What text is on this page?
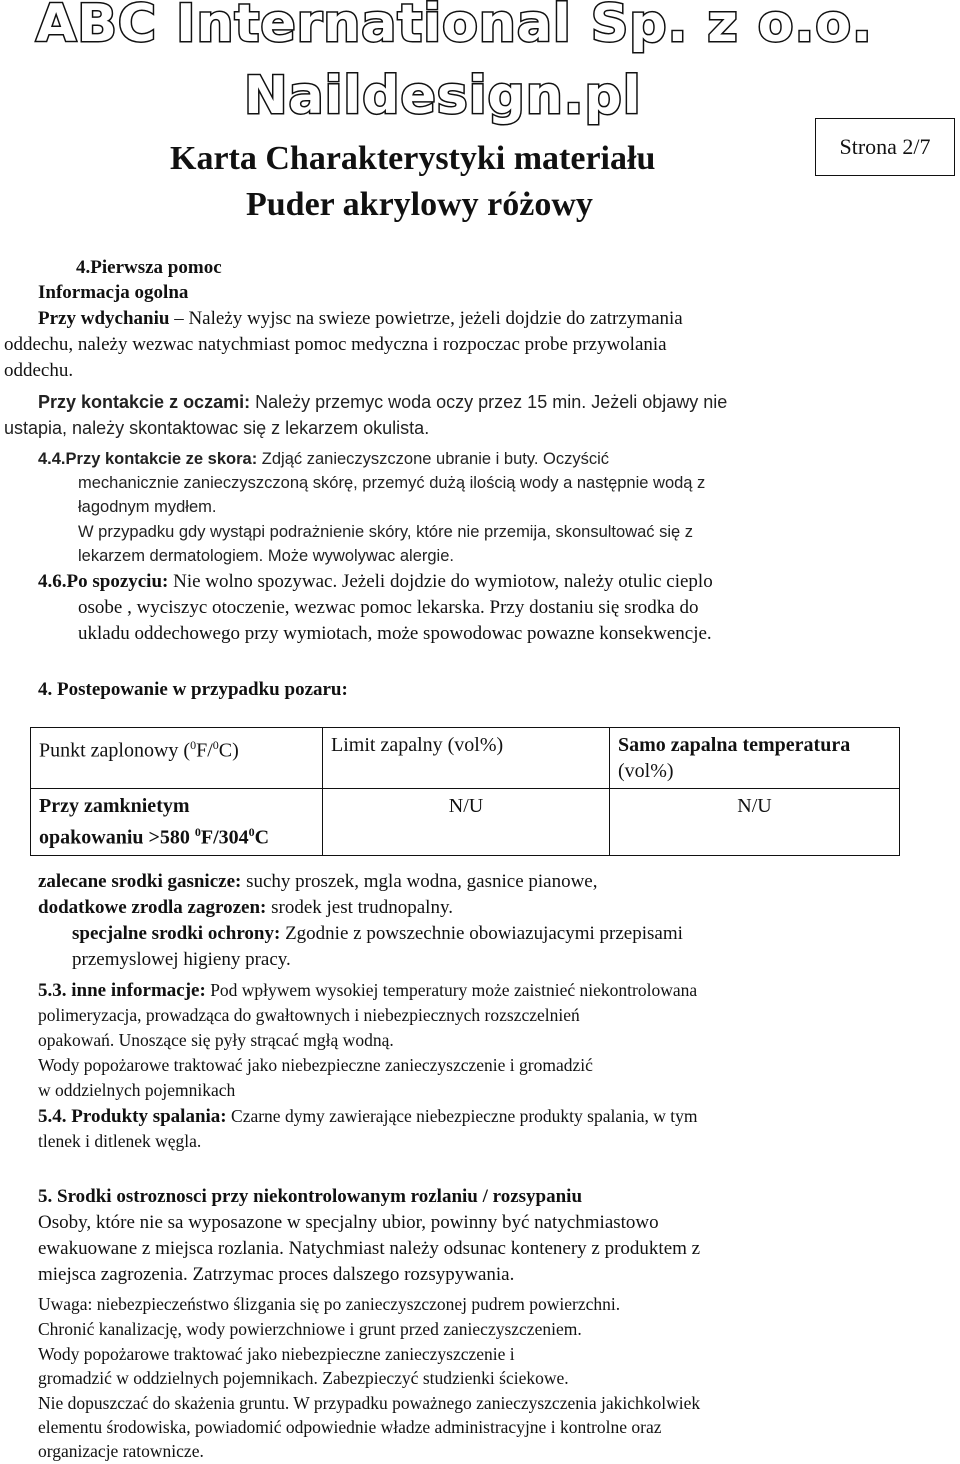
ABC International Sp. z o.o.
Naildesign.pl
Karta Charakterystyki materiału
Puder akrylowy różowy
Strona 2/7
4.Pierwsza pomoc
Informacja ogolna
Przy wdychaniu – Należy wyjsc na swieze powietrze, jeżeli dojdzie do zatrzymania
oddechu, należy wezwac natychmiast pomoc medyczna i rozpoczac probe przywolania
oddechu.
Przy kontakcie z oczami: Należy przemyc woda oczy przez 15 min. Jeżeli objawy nie
ustapia, należy skontaktowac się z lekarzem okulista.
4.4.Przy kontakcie ze skora: Zdjąć zanieczyszczone ubranie i buty. Oczyścić
mechanicznie zanieczyszczoną skórę, przemyć dużą ilością wody a następnie wodą z
łagodnym mydłem.
W przypadku gdy wystąpi podrażnienie skóry, które nie przemija, skonsultować się z
lekarzem dermatologiem. Może wywolywac alergie.
4.6.Po spozyciu: Nie wolno spozywac. Jeżeli dojdzie do wymiotow, należy otulic cieplo
osobe , wyciszyc otoczenie, wezwac pomoc lekarska. Przy dostaniu się srodka do
ukladu oddechowego przy wymiotach, może spowodowac powazne konsekwencje.
4. Postepowanie w przypadku pozaru:
Punkt zaplonowy ($^0$F/$^0$C)	Limit zapalny (vol%)	Samo zapalna temperatura

(vol%)

Przy zamknietym
opakowaniu >580 $^0F/304^0C$	N/U	N/U
zalecane srodki gasnicze: suchy proszek, mgla wodna, gasnice pianowe,
dodatkowe zrodla zagrozen: srodek jest trudnopalny.
specjalne srodki ochrony: Zgodnie z powszechnie obowiazujacymi przepisami
przemyslowej higieny pracy.
5.3. inne informacje: Pod wpływem wysokiej temperatury może zaistnieć niekontrolowana
polimeryzacja, prowadząca do gwałtownych i niebezpiecznych rozszczelnień
opakowań. Unoszące się pyły strącać mgłą wodną.
Wody popożarowe traktować jako niebezpieczne zanieczyszczenie i gromadzić
w oddzielnych pojemnikach
5.4. Produkty spalania: Czarne dymy zawierające niebezpieczne produkty spalania, w tym
tlenek i ditlenek węgla.
5. Srodki ostroznosci przy niekontrolowanym rozlaniu / rozsypaniu
Osoby, które nie sa wyposazone w specjalny ubior, powinny być natychmiastowo
ewakuowane z miejsca rozlania. Natychmiast należy odsunac kontenery z produktem z
miejsca zagrozenia. Zatrzymac proces dalszego rozsypywania.
Uwaga: niebezpieczeństwo ślizgania się po zanieczyszczonej pudrem powierzchni.
Chronić kanalizację, wody powierzchniowe i grunt przed zanieczyszczeniem.
Wody popożarowe traktować jako niebezpieczne zanieczyszczenie i
gromadzić w oddzielnych pojemnikach. Zabezpieczyć studzienki ściekowe.
Nie dopuszczać do skażenia gruntu. W przypadku poważnego zanieczyszczenia jakichkolwiek
elementu środowiska, powiadomić odpowiednie władze administracyjne i kontrolne oraz
organizacje ratownicze.
